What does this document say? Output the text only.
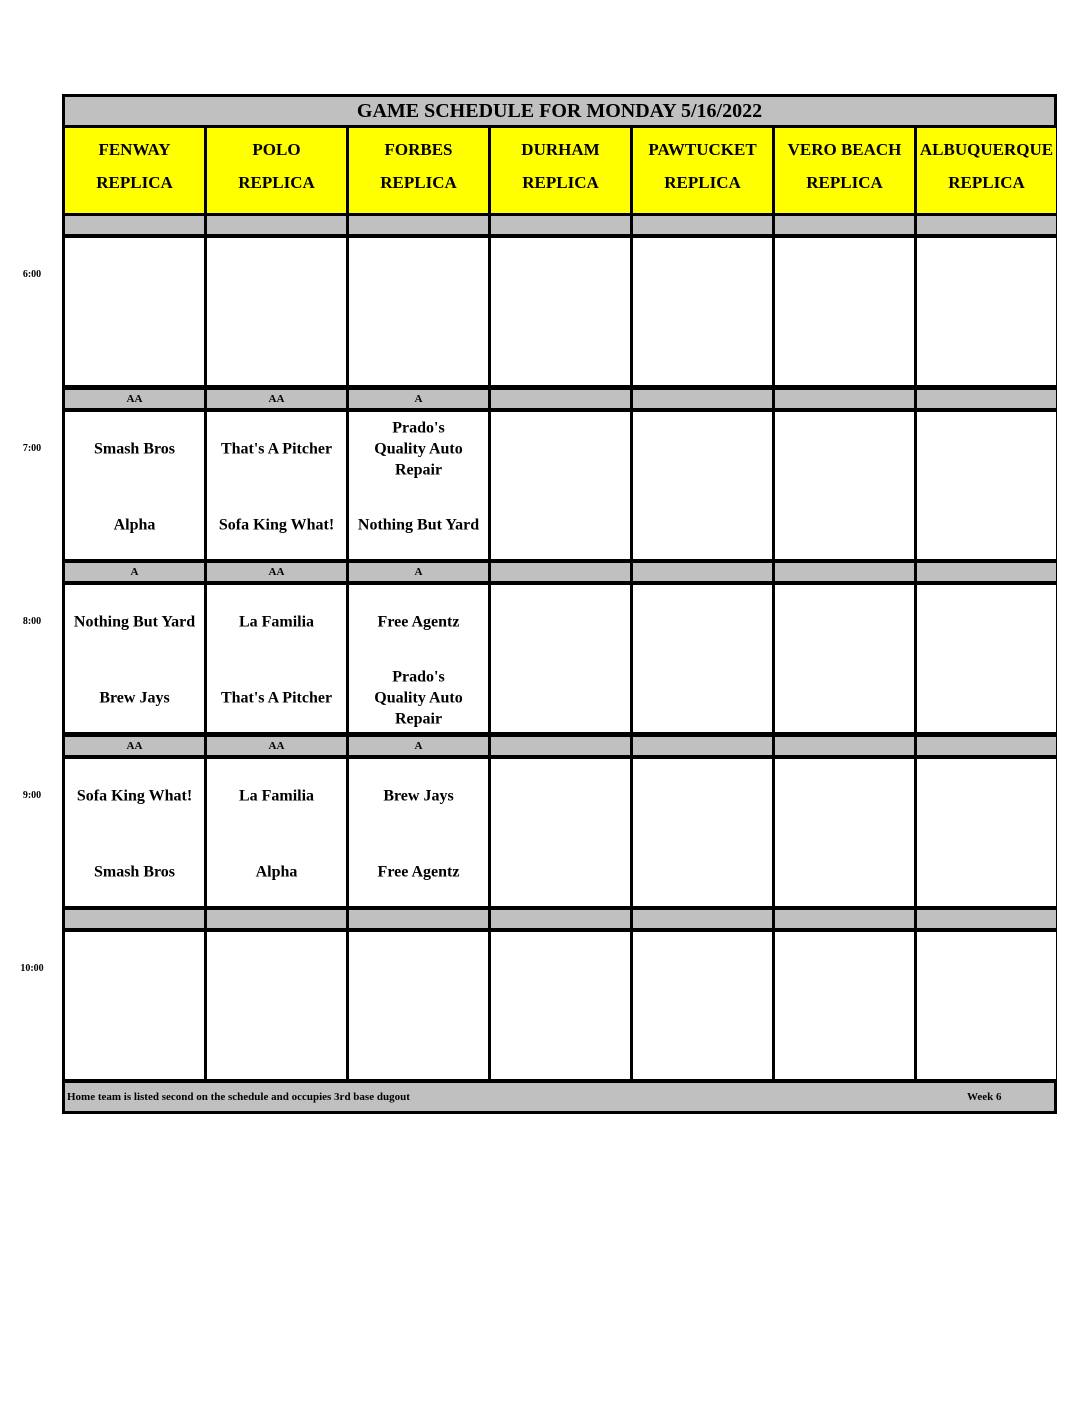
GAME SCHEDULE FOR MONDAY 5/16/2022
Home team is listed second on the schedule and occupies 3rd base dugout	Week 6
FENWAY
REPLICA
POLO
REPLICA
FORBES
REPLICA
DURHAM
REPLICA
PAWTUCKET
REPLICA
VERO BEACH
REPLICA
ALBUQUERQUE
REPLICA
AA
Smash Bros
Alpha
AA
That's A Pitcher
Sofa King What!
A
Prado's Quality Auto Repair
Nothing But Yard
A
Nothing But Yard
Brew Jays
AA
La Familia
That's A Pitcher
A
Free Agentz
Prado's Quality Auto Repair
AA
Sofa King What!
Smash Bros
AA
La Familia
Alpha
A
Brew Jays
Free Agentz
6:00
7:00
8:00
9:00
10:00
